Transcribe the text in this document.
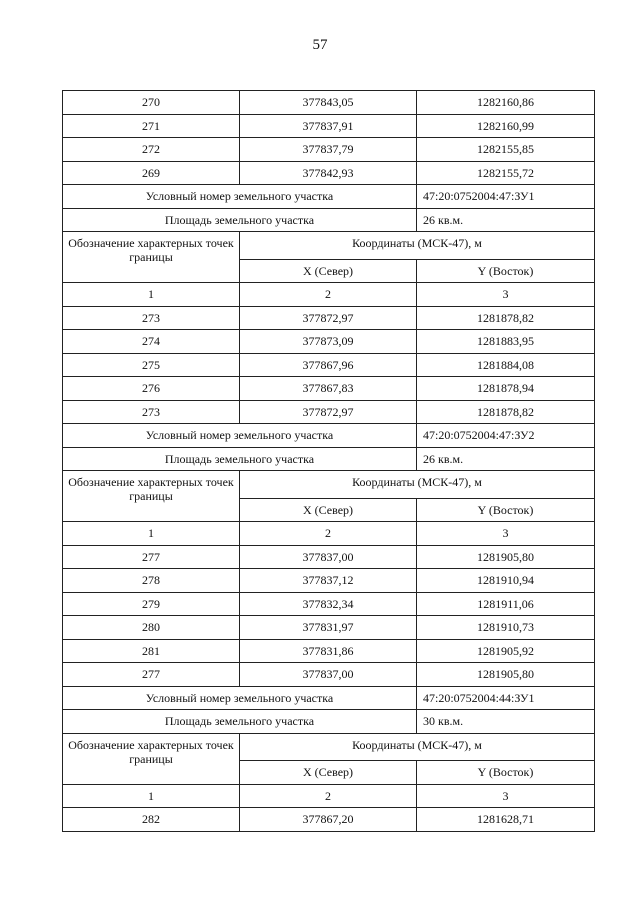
57
270	377843,05	1282160,86
271	377837,91	1282160,99
272	377837,79	1282155,85
269	377842,93	1282155,72
Условный номер земельного участка		47:20:0752004:47:ЗУ1
Площадь земельного участка		26 кв.м.
Обозначение характерных точек границы	Координаты (МСК-47), м	
	X (Север)	Y (Восток)
1	2	3
273	377872,97	1281878,82
274	377873,09	1281883,95
275	377867,96	1281884,08
276	377867,83	1281878,94
273	377872,97	1281878,82
Условный номер земельного участка		47:20:0752004:47:ЗУ2
Площадь земельного участка		26 кв.м.
Обозначение характерных точек границы	Координаты (МСК-47), м	
	X (Север)	Y (Восток)
1	2	3
277	377837,00	1281905,80
278	377837,12	1281910,94
279	377832,34	1281911,06
280	377831,97	1281910,73
281	377831,86	1281905,92
277	377837,00	1281905,80
Условный номер земельного участка		47:20:0752004:44:ЗУ1
Площадь земельного участка		30 кв.м.
Обозначение характерных точек границы	Координаты (МСК-47), м	
	X (Север)	Y (Восток)
1	2	3
282	377867,20	1281628,71
